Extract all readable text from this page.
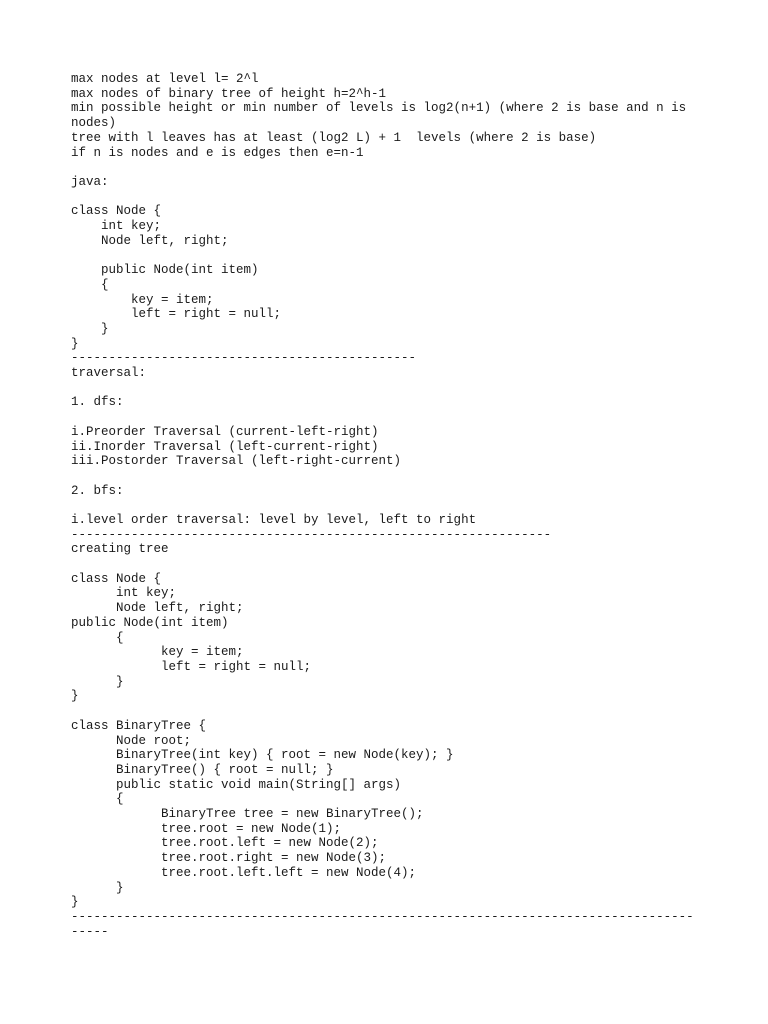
max nodes at level l= 2^l
max nodes of binary tree of height h=2^h-1
min possible height or min number of levels is log2(n+1) (where 2 is base and n is
nodes)
tree with l leaves has at least (log2 L) + 1  levels (where 2 is base)
if n is nodes and e is edges then e=n-1
java:
class Node {
int key;
Node left, right;
public Node(int item)
{
key = item;
left = right = null;
}
}
----------------------------------------------
traversal:
1. dfs:
i.Preorder Traversal (current-left-right)
ii.Inorder Traversal (left-current-right)
iii.Postorder Traversal (left-right-current)
2. bfs:
i.level order traversal: level by level, left to right
----------------------------------------------------------------
creating tree
class Node {
int key;
Node left, right;
public Node(int item)
{
key = item;
left = right = null;
}
}
class BinaryTree {
Node root;
BinaryTree(int key) { root = new Node(key); }
BinaryTree() { root = null; }
public static void main(String[] args)
{
BinaryTree tree = new BinaryTree();
tree.root = new Node(1);
tree.root.left = new Node(2);
tree.root.right = new Node(3);
tree.root.left.left = new Node(4);
}
}
-----------------------------------------------------------------------------------
-----
